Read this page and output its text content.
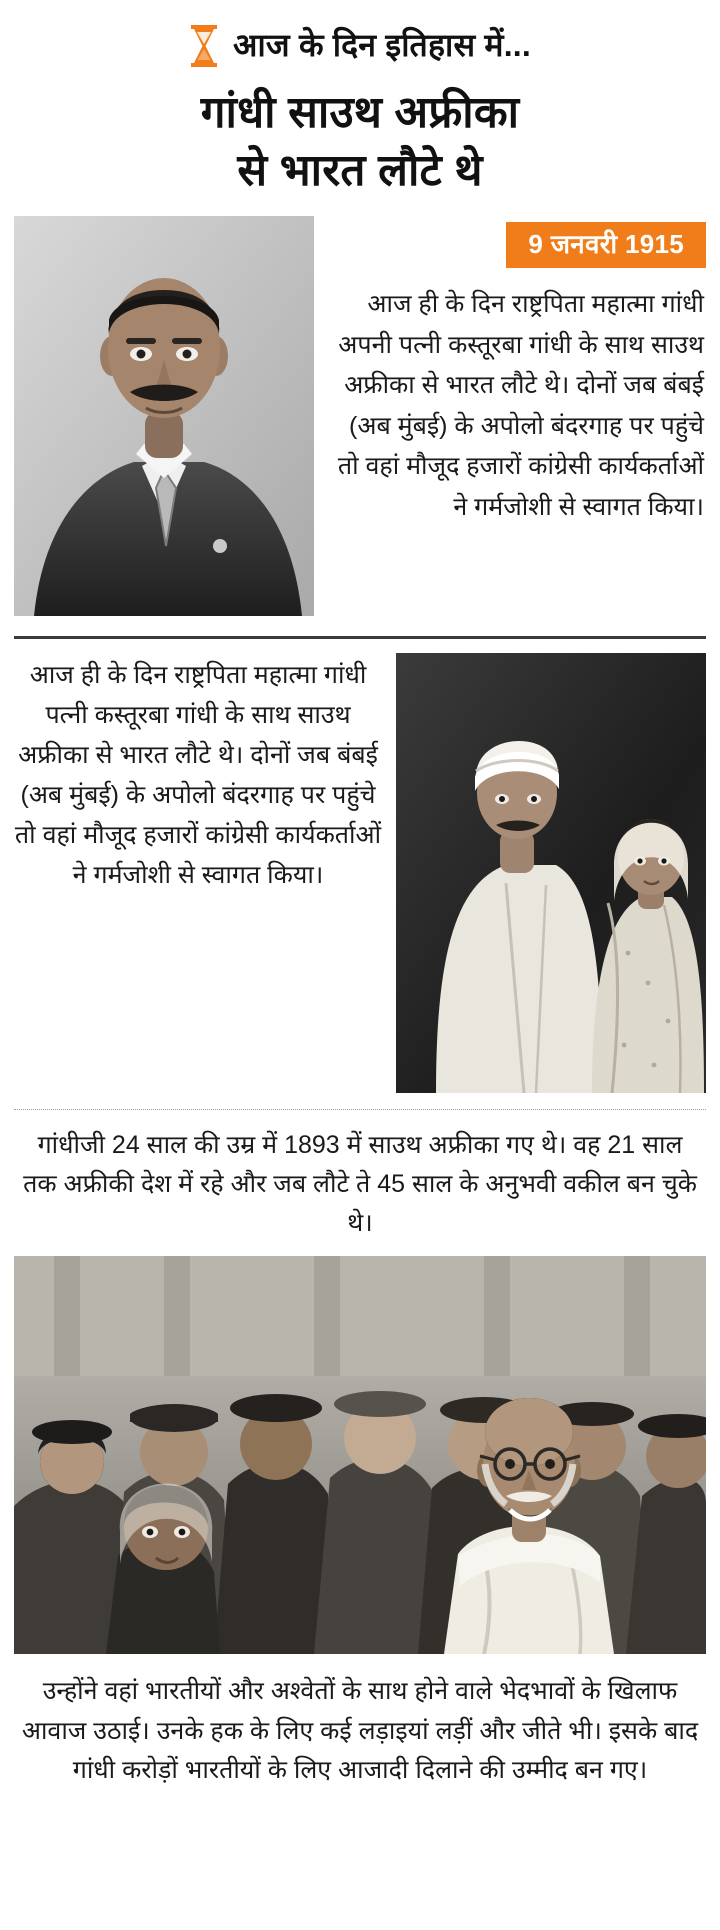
आज के दिन इतिहास में...
गांधी साउथ अफ्रीका
से भारत लौटे थे
9 जनवरी 1915
आज ही के दिन राष्ट्रपिता महात्मा गांधी अपनी पत्नी कस्तूरबा गांधी के साथ साउथ अफ्रीका से भारत लौटे थे। दोनों जब बंबई (अब मुंबई) के अपोलो बंदरगाह पर पहुंचे तो वहां मौजूद हजारों कांग्रेसी कार्यकर्ताओं ने गर्मजोशी से स्वागत किया।
आज ही के दिन राष्ट्रपिता महात्मा गांधी पत्नी कस्तूरबा गांधी के साथ साउथ अफ्रीका से भारत लौटे थे। दोनों जब बंबई (अब मुंबई) के अपोलो बंदरगाह पर पहुंचे तो वहां मौजूद हजारों कांग्रेसी कार्यकर्ताओं ने गर्मजोशी से स्वागत किया।
गांधीजी 24 साल की उम्र में 1893 में साउथ अफ्रीका गए थे। वह 21 साल तक अफ्रीकी देश में रहे और जब लौटे ते 45 साल के अनुभवी वकील बन चुके थे।
उन्होंने वहां भारतीयों और अश्वेतों के साथ होने वाले भेदभावों के खिलाफ आवाज उठाई। उनके हक के लिए कई लड़ाइयां लड़ीं और जीते भी। इसके बाद गांधी करोड़ों भारतीयों के लिए आजादी दिलाने की उम्मीद बन गए।
